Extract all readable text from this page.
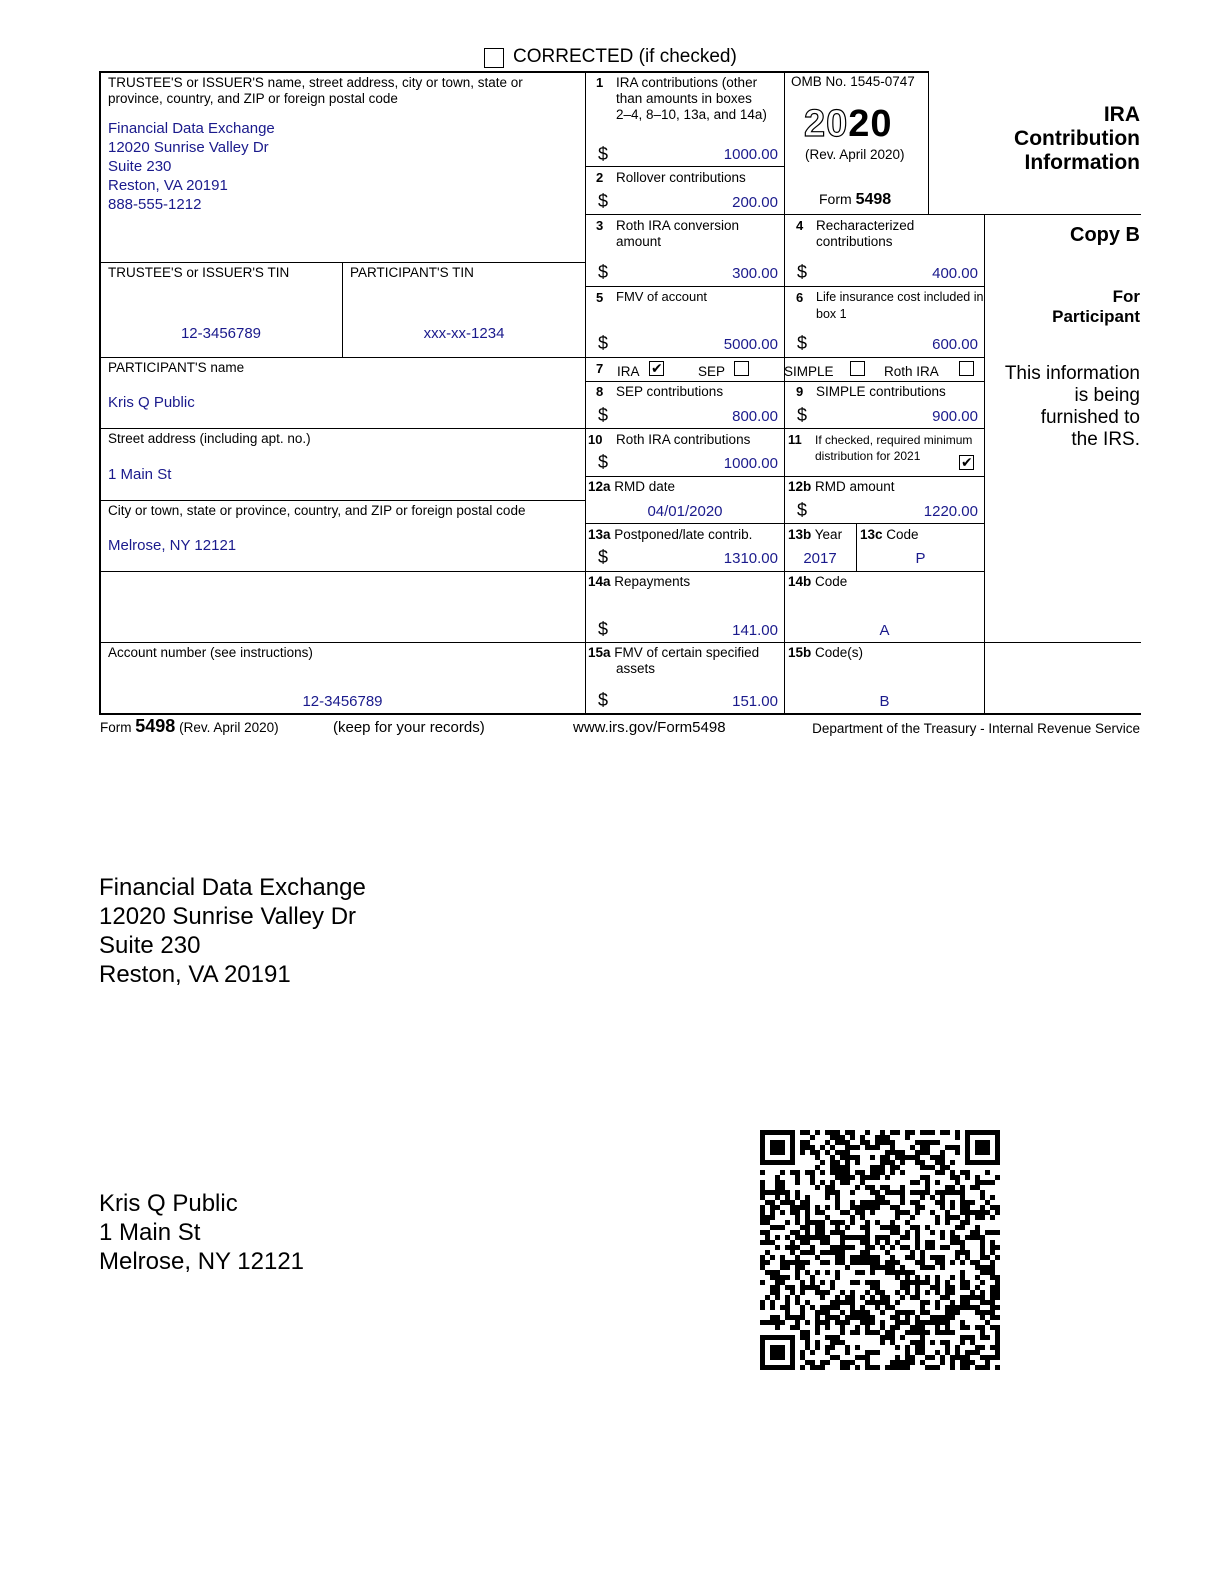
CORRECTED (if checked)
TRUSTEE'S or ISSUER'S name, street address, city or town, state or province, country, and ZIP or foreign postal code
Financial Data Exchange
12020 Sunrise Valley Dr
Suite 230
Reston, VA 20191
888-555-1212
TRUSTEE'S or ISSUER'S TIN
12-3456789
PARTICIPANT'S TIN
xxx-xx-1234
PARTICIPANT'S name
Kris Q Public
Street address (including apt. no.)
1 Main St
City or town, state or province, country, and ZIP or foreign postal code
Melrose, NY 12121
Account number (see instructions)
12-3456789
1 IRA contributions (other
than amounts in boxes
2–4, 8–10, 13a, and 14a)
$	1000.00
2 Rollover contributions
$	200.00
OMB No. 1545-0747
2020
(Rev. April 2020)
Form 5498
IRA
Contribution
Information
3 Roth IRA conversion
amount
$	300.00
4 Recharacterized
contributions
$	400.00
Copy B
For
Participant
This information
is being
furnished to
the IRS.
5 FMV of account
$	5000.00
6 Life insurance cost included in
box 1
$	600.00
7 IRA ✔	SEP	SIMPLE	Roth IRA
8 SEP contributions
$	800.00
9 SIMPLE contributions
$	900.00
10 Roth IRA contributions
$	1000.00
11 If checked, required minimum
distribution for 2021	✔
12a RMD date
04/01/2020
12b RMD amount
$	1220.00
13a Postponed/late contrib.
$	1310.00
13b Year
2017
13c Code
P
14a Repayments
$	141.00
14b Code
A
15a FMV of certain specified
assets
$	151.00
15b Code(s)
B
Form 5498 (Rev. April 2020)	(keep for your records)	www.irs.gov/Form5498	Department of the Treasury - Internal Revenue Service
Financial Data Exchange
12020 Sunrise Valley Dr
Suite 230
Reston, VA 20191
Kris Q Public
1 Main St
Melrose, NY 12121
